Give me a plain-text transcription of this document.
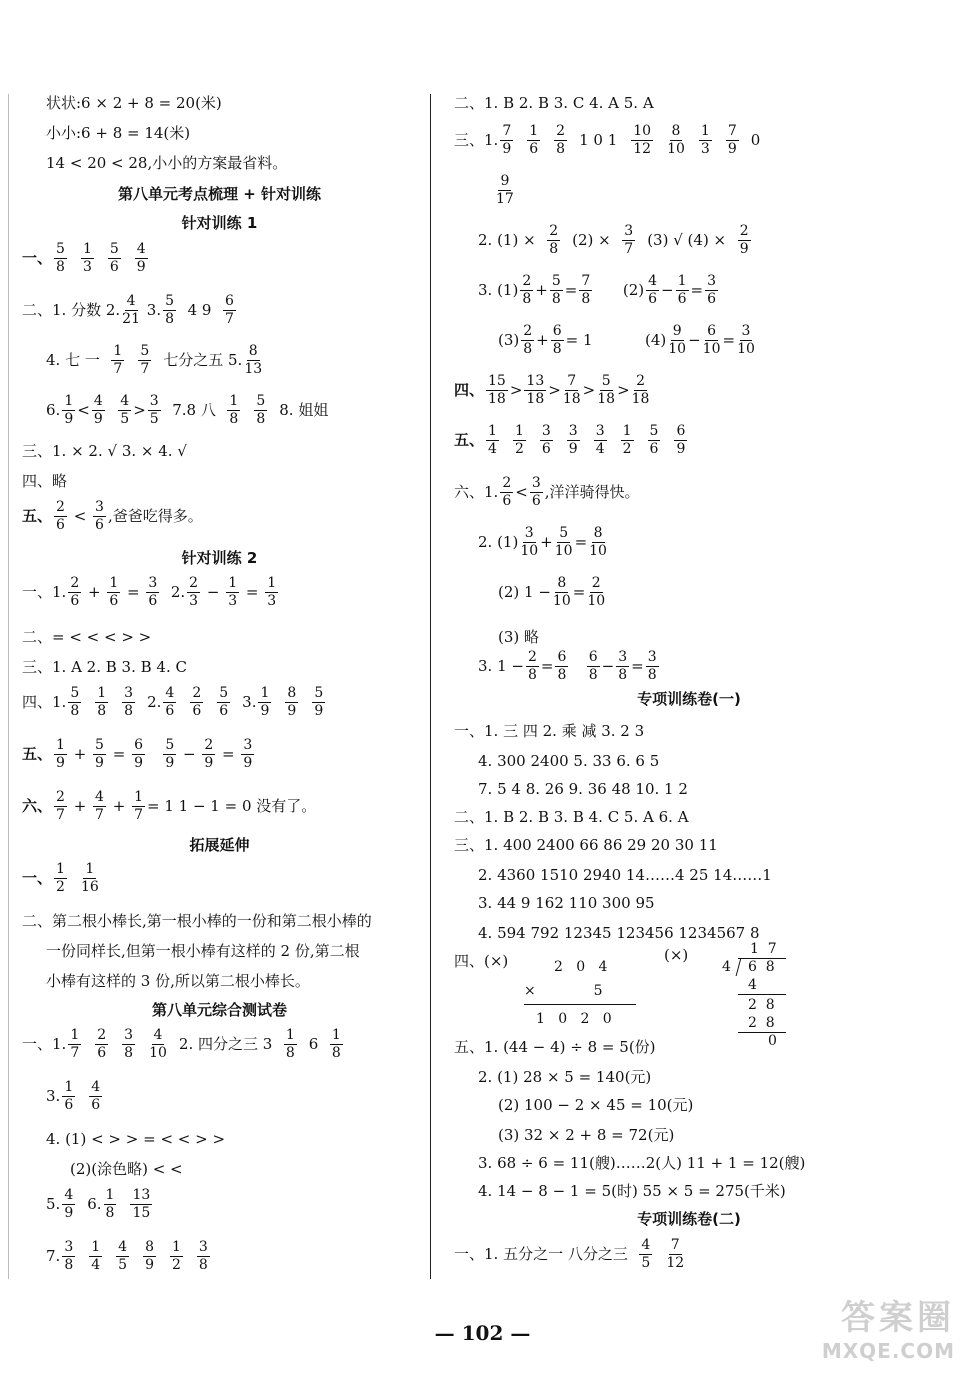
状状:6 × 2 + 8 = 20(米)
小小:6 + 8 = 14(米)
14 < 20 < 28,小小的方案最省料。
第八单元考点梳理 + 针对训练
针对训练 1
一、 $\frac{5}{8} \frac{1}{3} \frac{5}{6} \frac{4}{9}$
二、1. 分数 2. $\frac{4}{21}$
3. $\frac{5}{8}$
4 9
$\frac{6}{7}$
4. 七 一
$\frac{1}{7} \frac{5}{7}$ 七分之五 5. $\frac{8}{13}$
6. $\frac{1}{9} < \frac{4}{9}$
$\frac{4}{5} > \frac{3}{5}$
7.8 八
$\frac{1}{8} \frac{5}{8} 8$. 姐姐
三、1. × 2. √ 3. × 4. √
四、略
五、 $\frac{2}{6} < \frac{3}{6}$ ,爸爸吃得多。
针对训练 2
一、1. $\frac{2}{6} + \frac{1}{6} = \frac{3}{6}$
2. $\frac{2}{3} - \frac{1}{3} = \frac{1}{3}$
二、= < < < > >
三、1. A 2. B 3. B 4. C
四、1. $\frac{5}{8} \frac{1}{8} \frac{3}{8} 2$. $\frac{4}{6} \frac{2}{6} \frac{5}{6} 3$. $\frac{1}{9} \frac{8}{9} \frac{5}{9}$
五、 $\frac{1}{9} + \frac{5}{9} = \frac{6}{9}$
$\frac{5}{9} - \frac{2}{9} = \frac{3}{9}$
六、 $\frac{2}{7} + \frac{4}{7} + \frac{1}{7} = 1$ 1 − 1 = 0 没有了。
拓展延伸
一、 $\frac{1}{2} \frac{1}{16}$
二、第二根小棒长,第一根小棒的一份和第二根小棒的
一份同样长,但第一根小棒有这样的 2 份,第二根
小棒有这样的 3 份,所以第二根小棒长。
第八单元综合测试卷
一、1. $\frac{1}{7} \frac{2}{6} \frac{3}{8} \frac{4}{10} 2$. 四分之三 3
$\frac{1}{8} 6$
$\frac{1}{8}$
3. $\frac{1}{6} \frac{4}{6}$
4. (1) < > > = < < > >
(2)(涂色略) < <
5. $\frac{4}{9} 6$. $\frac{1}{8} \frac{13}{15}$
7. $\frac{3}{8} \frac{1}{4} \frac{4}{5} \frac{8}{9} \frac{1}{2} \frac{3}{8}$
二、1. B 2. B 3. C 4. A 5. A
三、1. $\frac{7}{9} \frac{1}{6} \frac{2}{8} 1$ 0 $1 \frac{10}{12} \frac{8}{10} \frac{1}{3} \frac{7}{9} 0$
$\frac{9}{17}$
2. (1) ×
$\frac{2}{8} (2)$ ×
$\frac{3}{7} (3)$ √ (4) ×
$\frac{2}{9}$
3. $(1) \frac{2}{8} + \frac{5}{8} = \frac{7}{8}$
$(2) \frac{4}{6} - \frac{1}{6} = \frac{3}{6}$
$(3) \frac{2}{8} + \frac{6}{8} = 1$
	$(4) \frac{9}{10} - \frac{6}{10} = \frac{3}{10}$
四、 $\frac{15}{18} > \frac{13}{18} > \frac{7}{18} > \frac{5}{18} > \frac{2}{18}$
五、 $\frac{1}{4} \frac{1}{2} \frac{3}{6} \frac{3}{9} \frac{3}{4} \frac{1}{2} \frac{5}{6} \frac{6}{9}$
六、1. $\frac{2}{6} < \frac{3}{6}$ ,洋洋骑得快。
2. $(1) \frac{3}{10} + \frac{5}{10} = \frac{8}{10}$
(2) $1 - \frac{8}{10} = \frac{2}{10}$
(3) 略
3. $1 - \frac{2}{8} = \frac{6}{8}$
$\frac{6}{8} - \frac{3}{8} = \frac{3}{8}$
专项训练卷(一)
一、1. 三 四 2. 乘 减 3. 2 3
4. 300 2400 5. 33 6. 6 5
7. 5 4 8. 26 9. 36 48 10. 1 2
二、1. B 2. B 3. B 4. C 5. A 6. A
三、1. 400 2400 66 86 29 20 30 11
2. 4360 1510 2940 14……4 25 14……1
3. 44 9 162 110 300 95
4. 594 792 12345 123456 1234567 8
四、(×)	(×)
2   0   4
×             5
1   0   2   0
1  7
4 6  8
4
2  8
2  8
0
五、1. (44 − 4) ÷ 8 = 5(份)
2. (1) 28 × 5 = 140(元)
(2) 100 − 2 × 45 = 10(元)
(3) 32 × 2 + 8 = 72(元)
3. 68 ÷ 6 = 11(艘)……2(人) 11 + 1 = 12(艘)
4. 14 − 8 − 1 = 5(时) 55 × 5 = 275(千米)
专项训练卷(二)
一、1. 五分之一 八分之三
$\frac{4}{5} \frac{7}{12}$
— 102 —	答案圈
MXQE.COM
